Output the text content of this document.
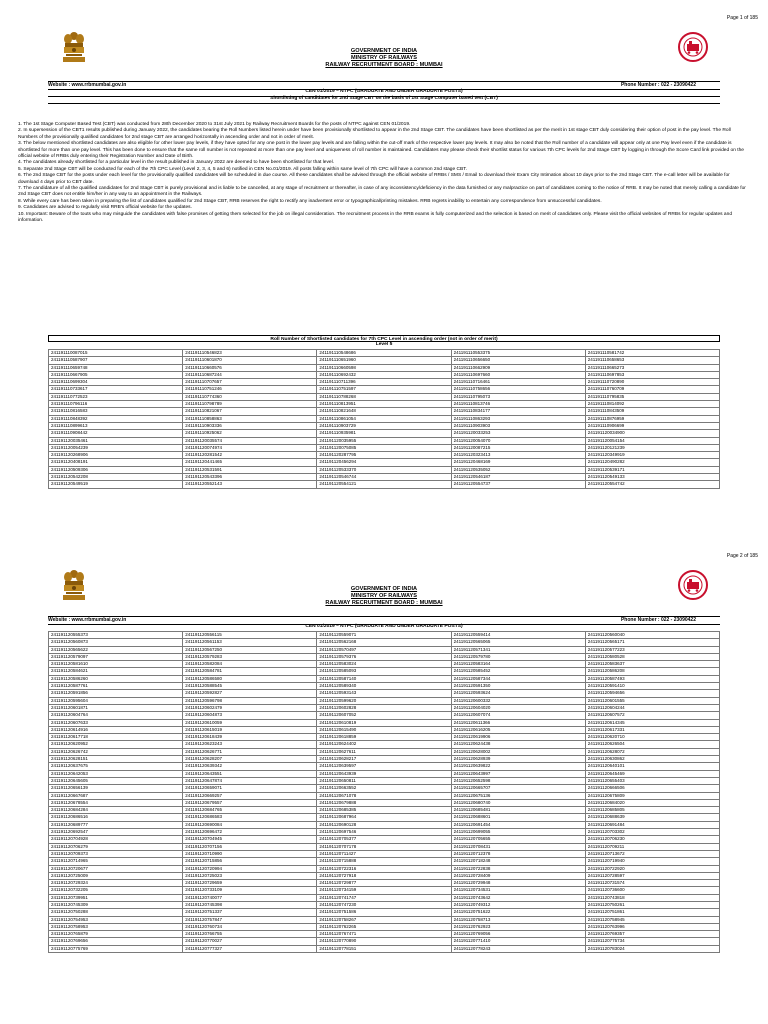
Page 1 of 185
GOVERNMENT OF INDIA
MINISTRY OF RAILWAYS
RAILWAY RECRUITMENT BOARD : MUMBAI
Website : www.rrbmumbai.gov.in	Phone Number : 022 - 23090422
CEN 01/2019 – NTPC (GRADUATE AND UNDER GRADUATE POSTS)
Shortlisting of candidates for 2nd Stage CBT on the basis of 1st Stage Computer based test (CBT)

1. The 1st Stage Computer Based Test (CBT) was conducted from 28th December 2020 to 31st July 2021 by Railway Recruitment Boards for the posts of NTPC against CEN 01/2019.

2. In supersession of the CBT1 results published during January 2022, the candidates bearing the Roll Numbers listed herein under have been provisionally shortlisted to appear in the 2nd Stage CBT. The candidates have been shortlisted as per the merit in 1st stage CBT duly considering their option of post in the pay level. The Roll Numbers of the provisionally qualified candidates for 2nd stage CBT are arranged horizontally in ascending order and not in order of merit.

3. The below mentioned shortlisted candidates are also eligible for other lower pay levels, if they have opted for any one post in the lower pay levels and are falling within the cut-off mark of the respective lower pay levels. It may also be noted that the Roll number of a candidate will appear only at one Pay level even if the candidate is shortlisted for more than one pay level. This has been done to ensure that the same roll number is not repeated at more than one pay level and uniqueness of roll number is maintained. Candidates may please check their shortlist status for various 7th CPC levels for 2nd Stage CBT by logging in through the Score Card link provided on the official website of RRBs duly entering their Registration Number and Date of Birth.

4. The candidates already shortlisted for a particular level in the result published in January 2022 are deemed to have been shortlisted for that level.

5. Separate 2nd Stage CBT will be conducted for each of the 7th CPC Level (Level 2, 3, 4, 5 and 6) notified in CEN No.01/2019. All posts falling within same level of 7th CPC will have a common 2nd stage CBT.

6. The 2nd Stage CBT for the posts under each level for the provisionally qualified candidates will be scheduled in due course. All these candidates shall be advised through the official website of RRBs / SMS / Email to download their Exam City Intimation about 10 days prior to the 2nd Stage CBT. The e-call letter will be available for download 4 days prior to CBT date.

7. The candidature of all the qualified candidates for 2nd Stage CBT is purely provisional and is liable to be cancelled, at any stage of recruitment or thereafter, in case of any inconsistency/deficiency in the data furnished or any malpractice on part of candidates coming to the notice of RRB. It may be noted that merely calling a candidate for 2nd Stage CBT does not entitle him/her in any way to an appointment in the Railways.

8. While every care has been taken in preparing the list of candidates qualified for 2nd Stage CBT, RRB reserves the right to rectify any inadvertent error or typographical/printing mistakes. RRB regrets inability to entertain any correspondence from unsuccessful candidates.

9. Candidates are advised to regularly visit RRB's official website for the updates.

10. Important: Beware of the touts who may misguide the candidates with false promises of getting them selected for the job on illegal consideration. The recruitment process in the RRB exams is fully computerized and the selection is based on merit of candidates only. Please visit the official websites of RRBs for regular updates and information.

Roll Number of Shortlisted candidates for 7th CPC Level in ascending order (not in order of merit)
Level 5
241191110087015	241191110546823	241191110548686	241191110553375	241191110581742
241191110587907	241191110601870	241191110651960	241191110656650	241191110658653
241191110659748	241191110660576	241191110660598	241191110662909	241191110665273
241191110667905	241191110687244	241191110692432	241191110697660	241191110697853
241191110699304	241191110707657	241191110711396	241191110716461	241191110720890
241191110733617	241191110751246	241191110751597	241191110758656	241191110760709
241191110772523	241191110774360	241191110788268	241191110795073	241191110795835
241191110796116	241191110798789	241191110813951	241191110813746	241191110814092
241191110816583	241191110821067	241191110821648	241191110834177	241191110843509
241191110848392	241191110858863	241191110861054	241191110863293	241191110876959
241191110899613	241191110903336	241191110903729	241191110903903	241191110906699
241191110908442	241191110925062	241191110935981	241191120033253	241191120034900
241191120035461	241191120035574	241191120035955	241191120054070	241191120054154
241191120054239	241191120074974	241191120075085	241191120087215	241191120121239
241191120268906	241191120281542	241191120287795	241191120323413	241191120349919
241191120408191	241191120441465	241191120456294	241191120468169	241191120490282
241191120509306	241191120531591	241191120533370	241191120535052	241191120539171
241191120542208	241191120543396	241191120546744	241191120546187	241191120549133
241191120549519	241191120552143	241191120554121	241191120554737	241191120554742
Page 2 of 185
GOVERNMENT OF INDIA
MINISTRY OF RAILWAYS
RAILWAY RECRUITMENT BOARD : MUMBAI
Website : www.rrbmumbai.gov.in	Phone Number : 022 - 23090422
CEN 01/2019 – NTPC (GRADUATE AND UNDER GRADUATE POSTS)
241191120555373	241191120556115	241191120559071	241191120559414	241191120560040
241191120560873	241191120561153	241191120562168	241191120565065	241191120565171
241191120565622	241191120567250	241191120570497	241191120571341	241191120577223
241191120579097	241191120579283	241191120579376	241191120579780	241191120580528
241191120581610	241191120582084	241191120583024	241191120583164	241191120583637
241191120584621	241191120584781	241191120585093	241191120585452	241191120586208
241191120586260	241191120586580	241191120587140	241191120587344	241191120587493
241191120587761	241191120588545	241191120589340	241191120591350	241191120591410
241191120591856	241191120592827	241191120593143	241191120593624	241191120594656
241191120595604	241191120596798	241191120599620	241191120600332	241191120601555
241191120601871	241191120602479	241191120602828	241191120604020	241191120604244
241191120604764	241191120604873	241191120607052	241191120607074	241191120607572
241191120607633	241191120610059	241191120610819	241191120611366	241191120614345
241191120614916	241191120615019	241191120615490	241191120616205	241191120617331
241191120617718	241191120618439	241191120618859	241191120619906	241191120620710
241191120620952	241191120623243	241191120624402	241191120624438	241191120626504
241191120626742	241191120626771	241191120627611	241191120628002	241191120628072
241191120628151	241191120628207	241191120628217	241191120628939	241191120630862
241191120637675	241191120639342	241191120639597	241191120639822	241191120640101
241191120642053	241191120643551	241191120643939	241191120643997	241191120645469
241191120645605	241191120647874	241191120650811	241191120652598	241191120655403
241191120656139	241191120659071	241191120663552	241191120665707	241191120666506
241191120667687	241191120669257	241191120671078	241191120675136	241191120675809
241191120678554	241191120679557	241191120679888	241191120680740	241191120684020
241191120684284	241191120684765	241191120685385	241191120685481	241191120685805
241191120686516	241191120686583	241191120687964	241191120688601	241191120688639
241191120689777	241191120690084	241191120690128	241191120691454	241191120691484
241191120692547	241191120696472	241191120697546	241191120699055	241191120703302
241191120704928	241191120704945	241191120705377	241191120705655	241191120706230
241191120706279	241191120707156	241191120707178	241191120708431	241191120709211
241191120709373	241191120710990	241191120711427	241191120712378	241191120713672
241191120714965	241191120715856	241191120715888	241191120718248	241191120719940
241191120720677	241191120720994	241191120722316	241191120722838	241191120722920
241191120725009	241191120725023	241191120727918	241191120728409	241191120728597
241191120729324	241191120729659	241191120729877	241191120729948	241191120731574
241191120732205	241191120733109	241191120734159	241191120734531	241191120736600
241191120739951	241191120740077	241191120741747	241191120743642	241191120743818
241191120745309	241191120745398	241191120747230	241191120749312	241191120750261
241191120750288	241191120751337	241191120751586	241191120751622	241191120751861
241191120754953	241191120757847	241191120758267	241191120758713	241191120758945
241191120758953	241191120760734	241191120762265	241191120762923	241191120763996
241191120765879	241191120766755	241191120767471	241191120769056	241191120769357
241191120769656	241191120770027	241191120770890	241191120771410	241191120775734
241191120775769	241191120777327	241191120778151	241191120778243	241191120783024
